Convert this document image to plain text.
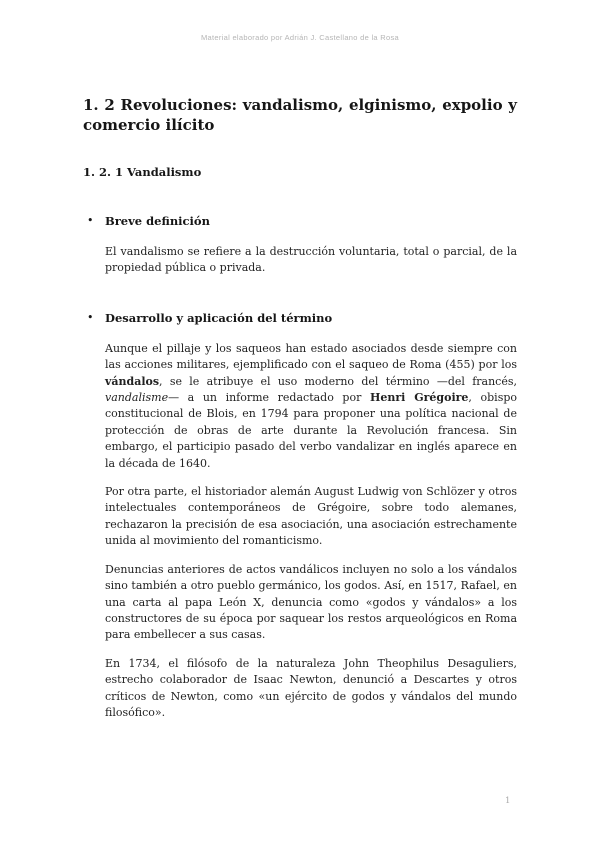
Material elaborado por Adrián J. Castellano de la Rosa
1. 2 Revoluciones: vandalismo, elginismo, expolio y comercio ilícito
1. 2. 1 Vandalismo
• Breve definición

El vandalismo se refiere a la destrucción voluntaria, total o parcial, de la propiedad pública o privada.

• Desarrollo y aplicación del término

Aunque el pillaje y los saqueos han estado asociados desde siempre con las acciones militares, ejemplificado con el saqueo de Roma (455) por los vándalos, se le atribuye el uso moderno del término —del francés, vandalisme— a un informe redactado por Henri Grégoire, obispo constitucional de Blois, en 1794 para proponer una política nacional de protección de obras de arte durante la Revolución francesa. Sin embargo, el participio pasado del verbo vandalizar en inglés aparece en la década de 1640.

Por otra parte, el historiador alemán August Ludwig von Schlözer y otros intelectuales contemporáneos de Grégoire, sobre todo alemanes, rechazaron la precisión de esa asociación, una asociación estrechamente unida al movimiento del romanticismo.

Denuncias anteriores de actos vandálicos incluyen no solo a los vándalos sino también a otro pueblo germánico, los godos. Así, en 1517, Rafael, en una carta al papa León X, denuncia como «godos y vándalos» a los constructores de su época por saquear los restos arqueológicos en Roma para embellecer a sus casas.

En 1734, el filósofo de la naturaleza John Theophilus Desaguliers, estrecho colaborador de Isaac Newton, denunció a Descartes y otros críticos de Newton, como «un ejército de godos y vándalos del mundo filosófico».

1
